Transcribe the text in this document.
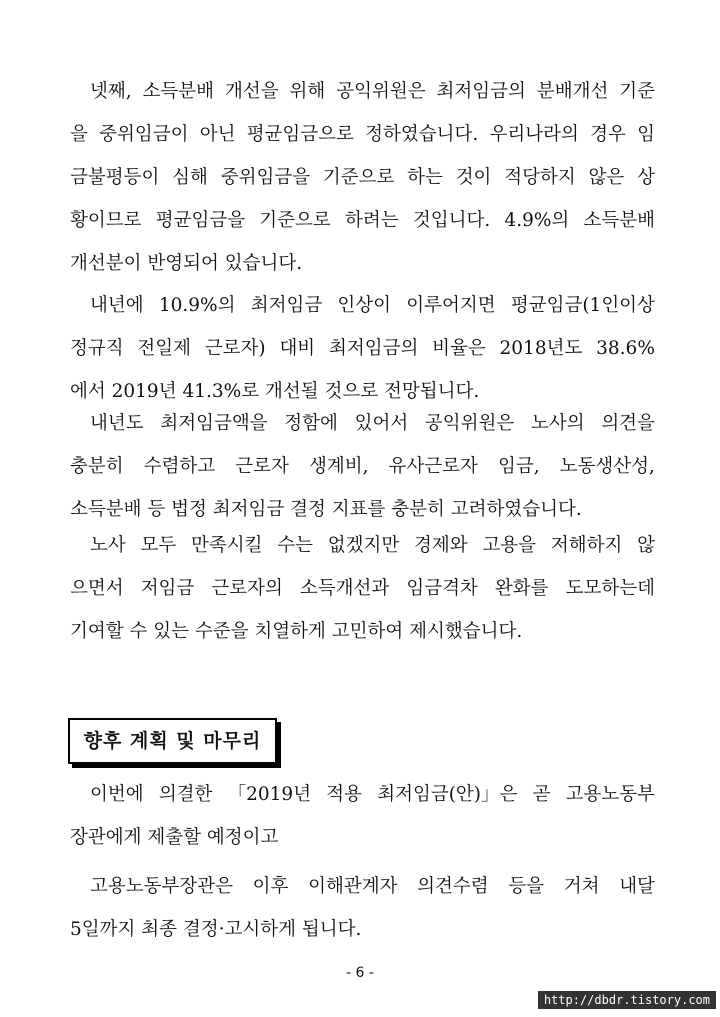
넷째, 소득분배 개선을 위해 공익위원은 최저임금의 분배개선 기준
을 중위임금이 아닌 평균임금으로 정하였습니다. 우리나라의 경우 임
금불평등이 심해 중위임금을 기준으로 하는 것이 적당하지 않은 상
황이므로 평균임금을 기준으로 하려는 것입니다. 4.9%의 소득분배
개선분이 반영되어 있습니다.
내년에 10.9%의 최저임금 인상이 이루어지면 평균임금(1인이상
정규직 전일제 근로자) 대비 최저임금의 비율은 2018년도 38.6%
에서 2019년 41.3%로 개선될 것으로 전망됩니다.
내년도 최저임금액을 정함에 있어서 공익위원은 노사의 의견을
충분히 수렴하고 근로자 생계비, 유사근로자 임금, 노동생산성,
소득분배 등 법정 최저임금 결정 지표를 충분히 고려하였습니다.
노사 모두 만족시킬 수는 없겠지만 경제와 고용을 저해하지 않
으면서 저임금 근로자의 소득개선과 임금격차 완화를 도모하는데
기여할 수 있는 수준을 치열하게 고민하여 제시했습니다.
향후 계획 및 마무리
이번에 의결한 「2019년 적용 최저임금(안)」은 곧 고용노동부
장관에게 제출할 예정이고
고용노동부장관은 이후 이해관계자 의견수렴 등을 거쳐 내달
5일까지 최종 결정·고시하게 됩니다.
- 6 -
http://dbdr.tistory.com
